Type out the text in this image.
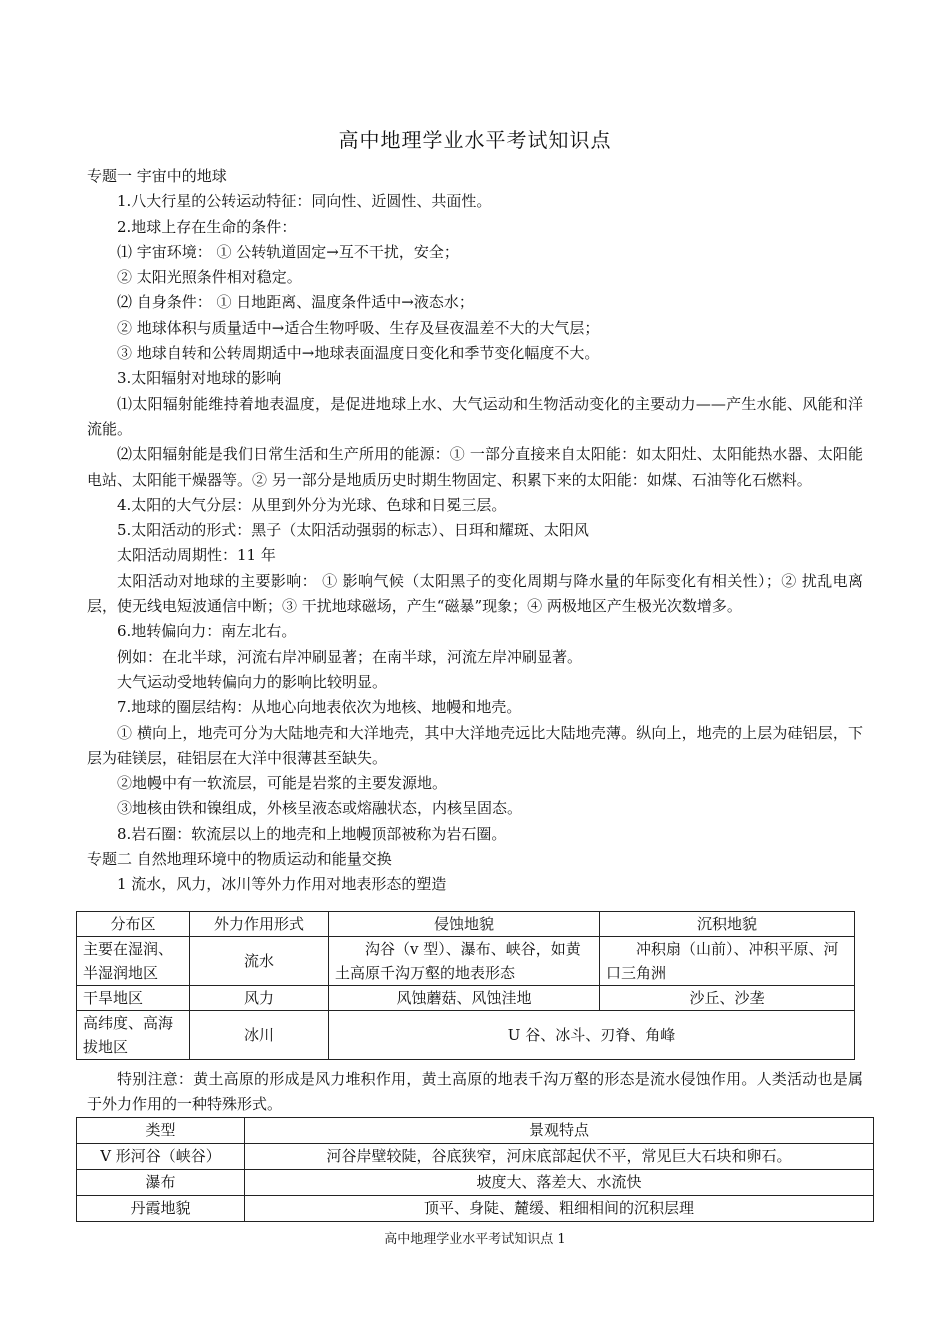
高中地理学业水平考试知识点

专题一 宇宙中的地球

1.八大行星的公转运动特征：同向性、近圆性、共面性。

2.地球上存在生命的条件：

⑴ 宇宙环境： ① 公转轨道固定→互不干扰，安全；

② 太阳光照条件相对稳定。

⑵ 自身条件： ① 日地距离、温度条件适中→液态水；

② 地球体积与质量适中→适合生物呼吸、生存及昼夜温差不大的大气层；

③ 地球自转和公转周期适中→地球表面温度日变化和季节变化幅度不大。

3.太阳辐射对地球的影响

⑴太阳辐射能维持着地表温度，是促进地球上水、大气运动和生物活动变化的主要动力——产生水能、风能和洋流能。

⑵太阳辐射能是我们日常生活和生产所用的能源：① 一部分直接来自太阳能：如太阳灶、太阳能热水器、太阳能电站、太阳能干燥器等。② 另一部分是地质历史时期生物固定、积累下来的太阳能：如煤、石油等化石燃料。

4.太阳的大气分层：从里到外分为光球、色球和日冕三层。

5.太阳活动的形式：黑子（太阳活动强弱的标志）、日珥和耀斑、太阳风

太阳活动周期性：11 年

太阳活动对地球的主要影响： ① 影响气候（太阳黑子的变化周期与降水量的年际变化有相关性）；② 扰乱电离层，使无线电短波通信中断；③ 干扰地球磁场，产生“磁暴”现象；④ 两极地区产生极光次数增多。

6.地转偏向力：南左北右。

例如：在北半球，河流右岸冲刷显著；在南半球，河流左岸冲刷显著。

大气运动受地转偏向力的影响比较明显。

7.地球的圈层结构：从地心向地表依次为地核、地幔和地壳。

① 横向上，地壳可分为大陆地壳和大洋地壳，其中大洋地壳远比大陆地壳薄。纵向上，地壳的上层为硅铝层，下层为硅镁层，硅铝层在大洋中很薄甚至缺失。

②地幔中有一软流层，可能是岩浆的主要发源地。

③地核由铁和镍组成，外核呈液态或熔融状态，内核呈固态。

8.岩石圈：软流层以上的地壳和上地幔顶部被称为岩石圈。

专题二 自然地理环境中的物质运动和能量交换

1 流水，风力，冰川等外力作用对地表形态的塑造

分布区	外力作用形式	侵蚀地貌	沉积地貌
主要在湿润、半湿润地区	流水	沟谷（v 型）、瀑布、峡谷，如黄土高原千沟万壑的地表形态	冲积扇（山前）、冲积平原、河口三角洲
干旱地区	风力	风蚀蘑菇、风蚀洼地	沙丘、沙垄
高纬度、高海拔地区	冰川	U 谷、冰斗、刃脊、角峰	

特别注意：黄土高原的形成是风力堆积作用，黄土高原的地表千沟万壑的形态是流水侵蚀作用。人类活动也是属于外力作用的一种特殊形式。

类型	景观特点
V 形河谷（峡谷）	河谷岸壁较陡，谷底狭窄，河床底部起伏不平，常见巨大石块和卵石。
瀑布	坡度大、落差大、水流快
丹霞地貌	顶平、身陡、麓缓、粗细相间的沉积层理
高中地理学业水平考试知识点 1
